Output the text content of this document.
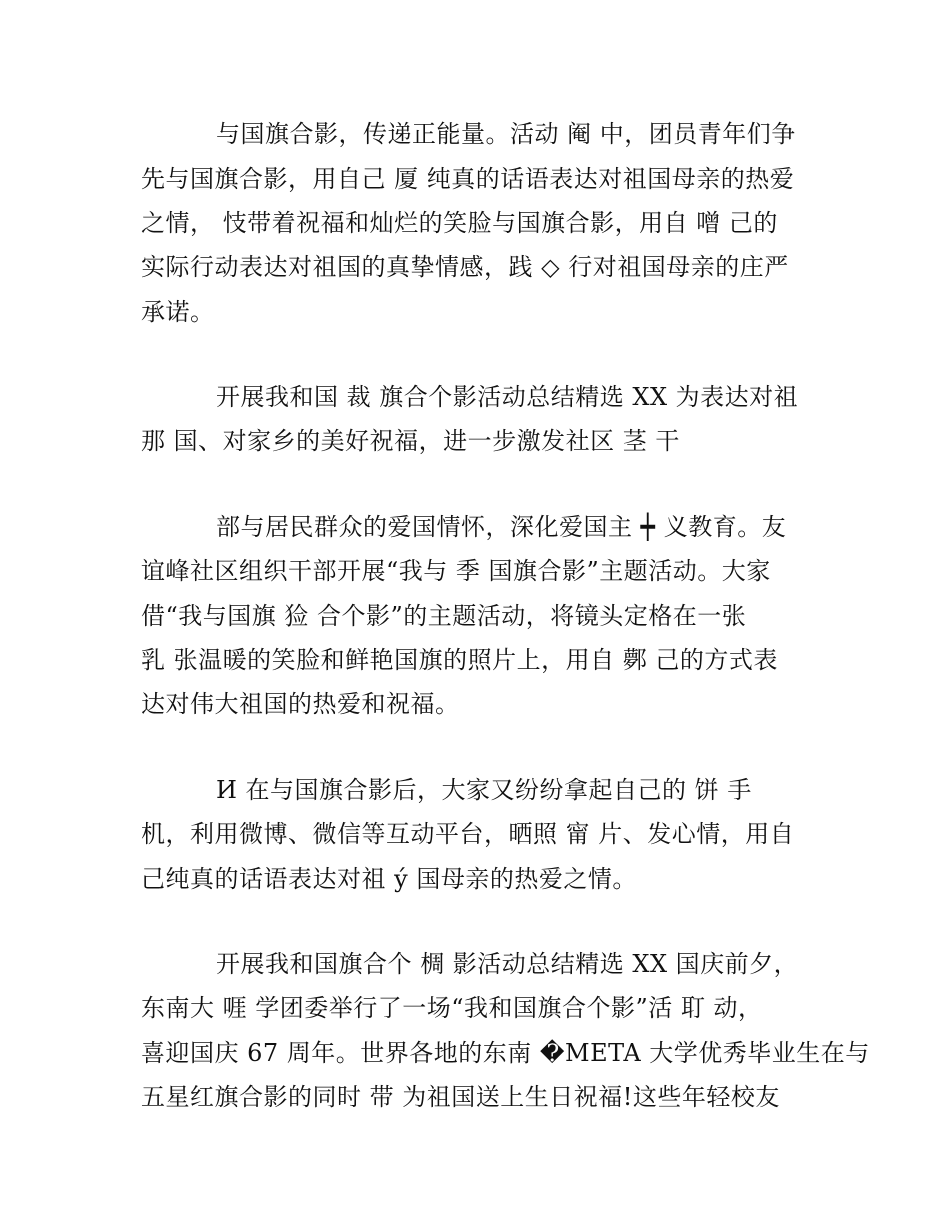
与国旗合影，传递正能量。活动 阉 中，团员青年们争
先与国旗合影，用自己 厦 纯真的话语表达对祖国母亲的热爱
之情， 忮带着祝福和灿烂的笑脸与国旗合影，用自 噌 己的
实际行动表达对祖国的真挚情感，践 ◇ 行对祖国母亲的庄严
承诺。
开展我和国 裁 旗合个影活动总结精选 XX 为表达对祖
那 国、对家乡的美好祝福，进一步激发社区 茎 干
部与居民群众的爱国情怀，深化爱国主 ┿ 义教育。友
谊峰社区组织干部开展“我与 季 国旗合影”主题活动。大家
借“我与国旗 猃 合个影”的主题活动，将镜头定格在一张
乳 张温暖的笑脸和鲜艳国旗的照片上，用自 鄸 己的方式表
达对伟大祖国的热爱和祝福。
И 在与国旗合影后，大家又纷纷拿起自己的 饼 手
机，利用微博、微信等互动平台，晒照 甯 片、发心情，用自
己纯真的话语表达对祖 ý 国母亲的热爱之情。
开展我和国旗合个 椆 影活动总结精选 XX 国庆前夕，
东南大 啀 学团委举行了一场“我和国旗合个影”活 耵 动，
喜迎国庆 67 周年。世界各地的东南 �META 大学优秀毕业生在与
五星红旗合影的同时 带 为祖国送上生日祝福!这些年轻校友
